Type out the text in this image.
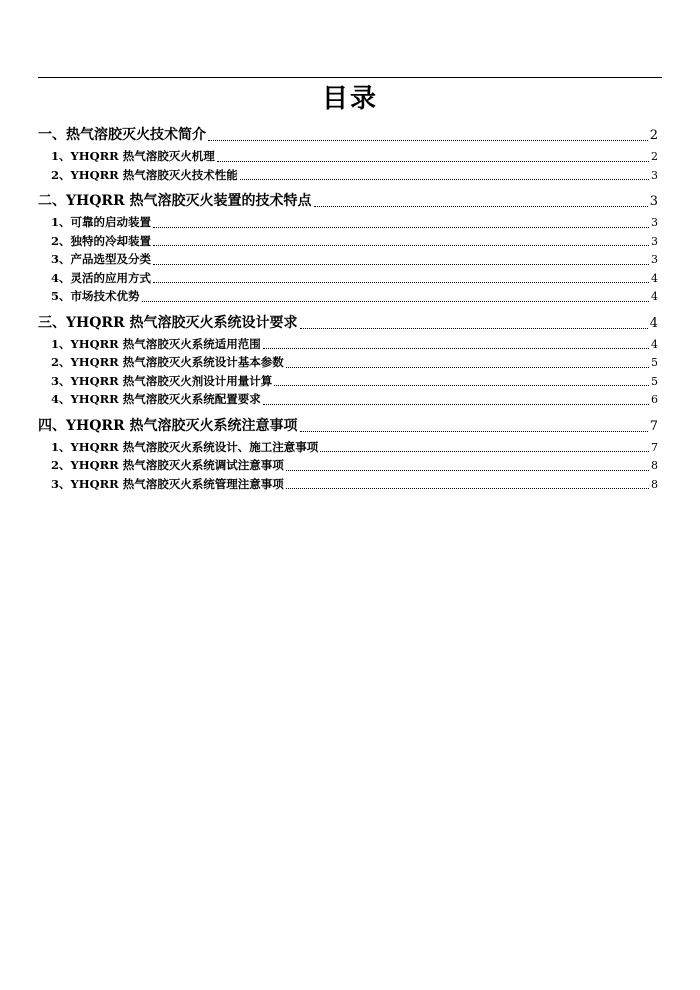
目录
一、热气溶胶灭火技术简介	2
1、YHQRR 热气溶胶灭火机理	2
2、YHQRR 热气溶胶灭火技术性能	3
二、YHQRR 热气溶胶灭火装置的技术特点	3
1、可靠的启动装置	3
2、独特的冷却装置	3
3、产品选型及分类	3
4、灵活的应用方式	4
5、市场技术优势	4
三、YHQRR 热气溶胶灭火系统设计要求	4
1、YHQRR 热气溶胶灭火系统适用范围	4
2、YHQRR 热气溶胶灭火系统设计基本参数	5
3、YHQRR 热气溶胶灭火剂设计用量计算	5
4、YHQRR 热气溶胶灭火系统配置要求	6
四、YHQRR 热气溶胶灭火系统注意事项	7
1、YHQRR 热气溶胶灭火系统设计、施工注意事项	7
2、YHQRR 热气溶胶灭火系统调试注意事项	8
3、YHQRR 热气溶胶灭火系统管理注意事项	8
